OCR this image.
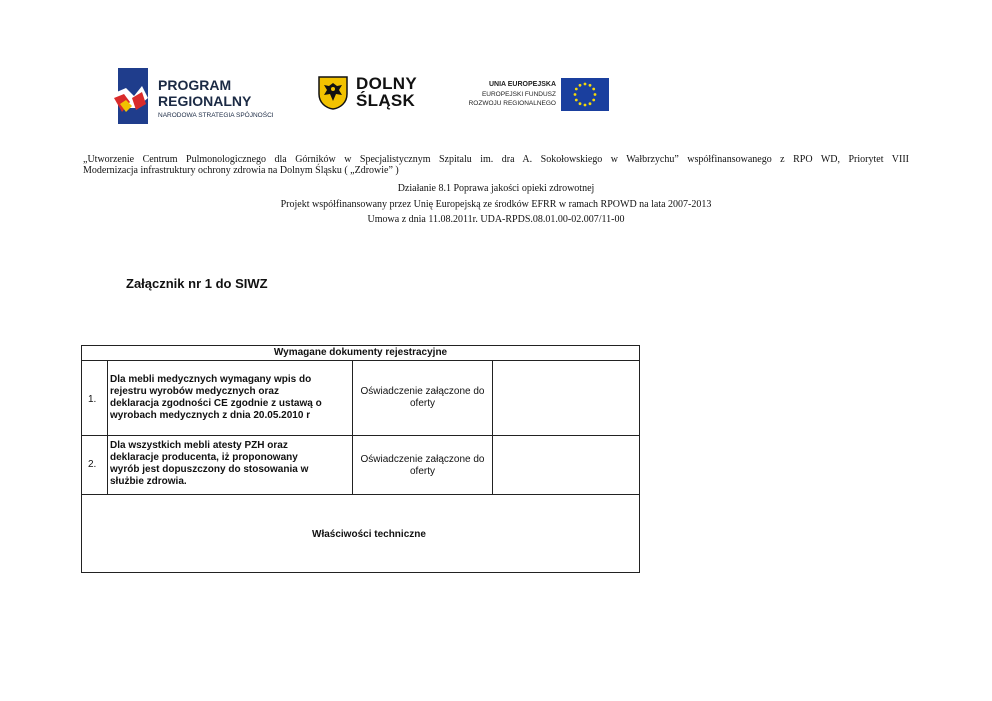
PROGRAM
REGIONALNY
NARODOWA STRATEGIA SPÓJNOŚCI
DOLNY
ŚLĄSK
UNIA EUROPEJSKA
EUROPEJSKI FUNDUSZ
ROZWOJU REGIONALNEGO
„Utworzenie Centrum Pulmonologicznego dla Górników w Specjalistycznym Szpitalu im. dra A. Sokołowskiego w Wałbrzychu” współfinansowanego z RPO WD, Priorytet VIII
Modernizacja infrastruktury ochrony zdrowia na Dolnym Śląsku ( „Zdrowie” )
Działanie 8.1 Poprawa jakości opieki zdrowotnej
Projekt współfinansowany przez Unię Europejską ze środków EFRR w ramach RPOWD na lata 2007-2013
Umowa z dnia 11.08.2011r. UDA-RPDS.08.01.00-02.007/11-00
Załącznik nr 1 do SIWZ
Wymagane dokumenty rejestracyjne
1.
Dla mebli medycznych wymagany wpis do
rejestru wyrobów medycznych oraz
deklaracja zgodności CE zgodnie z ustawą o
wyrobach medycznych z dnia 20.05.2010 r
Oświadczenie załączone do
oferty
2.
Dla wszystkich mebli atesty PZH oraz
deklaracje producenta, iż proponowany
wyrób jest dopuszczony do stosowania w
służbie zdrowia.
Oświadczenie załączone do
oferty
Właściwości techniczne
